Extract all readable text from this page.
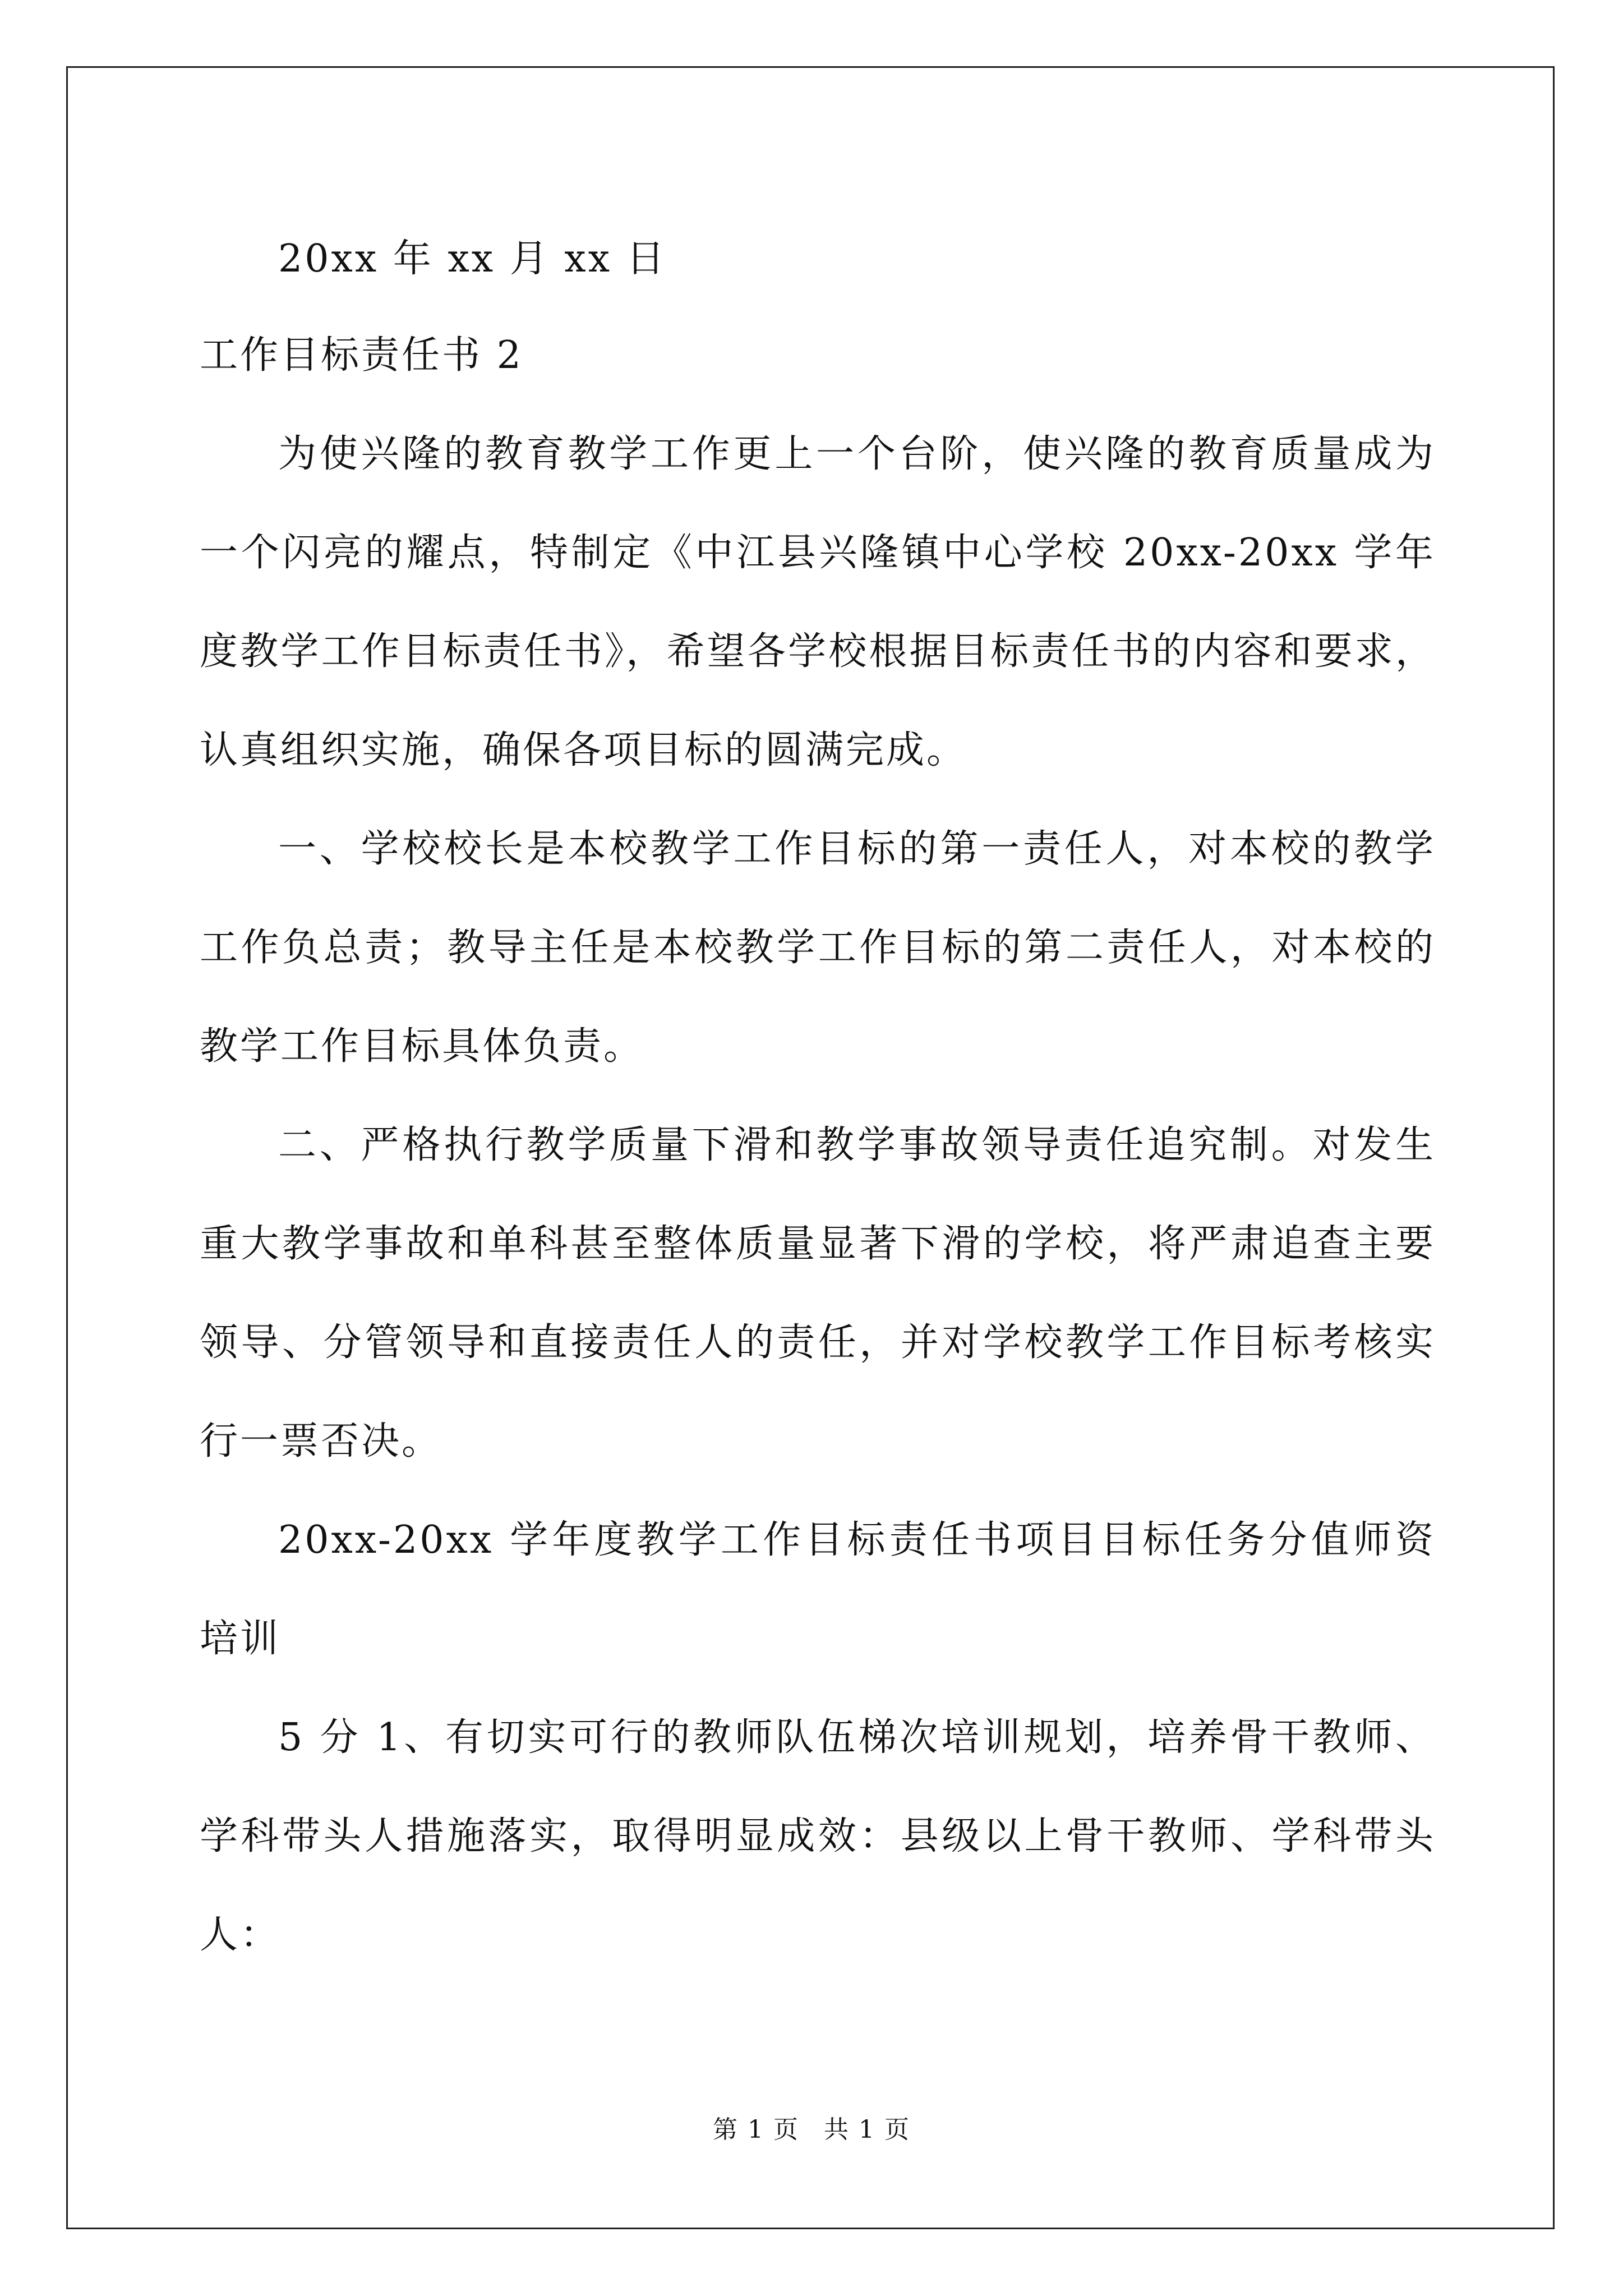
20xx 年 xx 月 xx 日

工作目标责任书 2

为使兴隆的教育教学工作更上一个台阶，使兴隆的教育质量成为一个闪亮的耀点，特制定《中江县兴隆镇中心学校 20xx-20xx 学年度教学工作目标责任书》，希望各学校根据目标责任书的内容和要求，认真组织实施，确保各项目标的圆满完成。

一、学校校长是本校教学工作目标的第一责任人，对本校的教学工作负总责；教导主任是本校教学工作目标的第二责任人，对本校的教学工作目标具体负责。

二、严格执行教学质量下滑和教学事故领导责任追究制。对发生重大教学事故和单科甚至整体质量显著下滑的学校，将严肃追查主要领导、分管领导和直接责任人的责任，并对学校教学工作目标考核实行一票否决。

20xx-20xx 学年度教学工作目标责任书项目目标任务分值师资培训

5 分 1、有切实可行的教师队伍梯次培训规划，培养骨干教师、学科带头人措施落实，取得明显成效：县级以上骨干教师、学科带头人：

第 1 页 共 1 页
